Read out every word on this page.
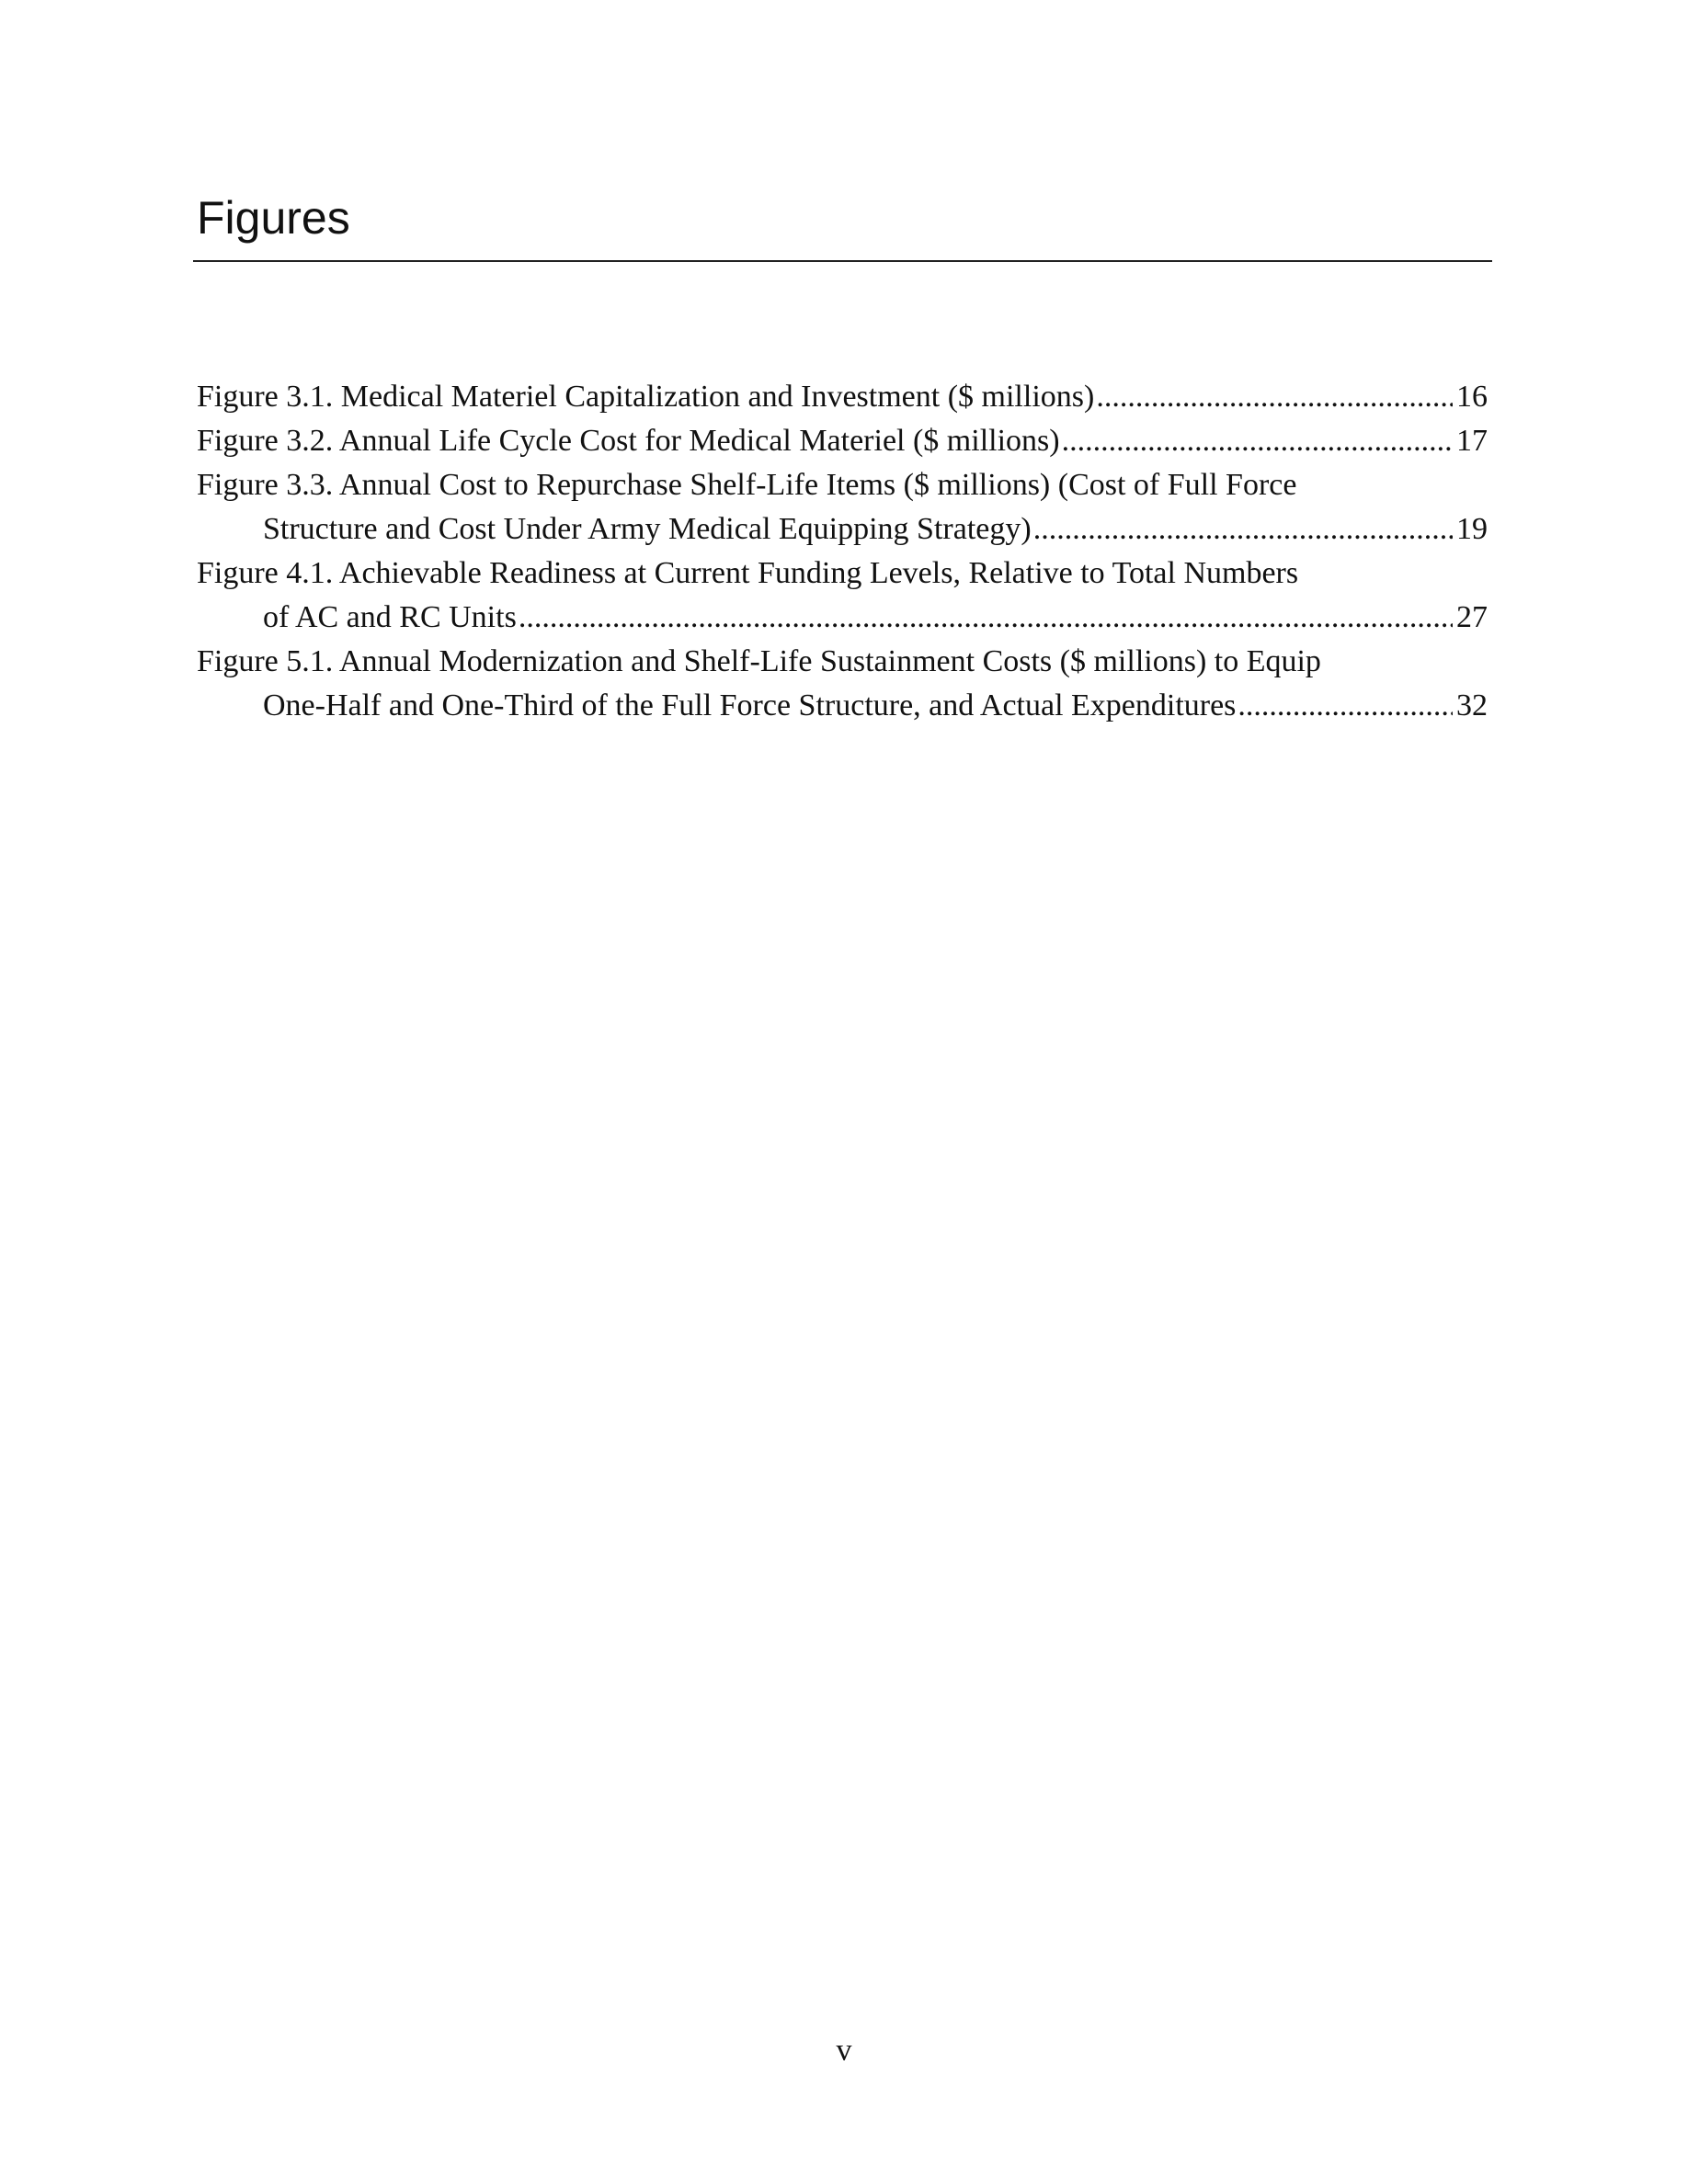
Figures
Figure 3.1. Medical Materiel Capitalization and Investment ($ millions) .....	16
Figure 3.2. Annual Life Cycle Cost for Medical Materiel ($ millions) .....	17
Figure 3.3. Annual Cost to Repurchase Shelf-Life Items ($ millions) (Cost of Full Force
Structure and Cost Under Army Medical Equipping Strategy) .....	19
Figure 4.1. Achievable Readiness at Current Funding Levels, Relative to Total Numbers
of AC and RC Units .....	27
Figure 5.1. Annual Modernization and Shelf-Life Sustainment Costs ($ millions) to Equip
One-Half and One-Third of the Full Force Structure, and Actual Expenditures .....	32
v
